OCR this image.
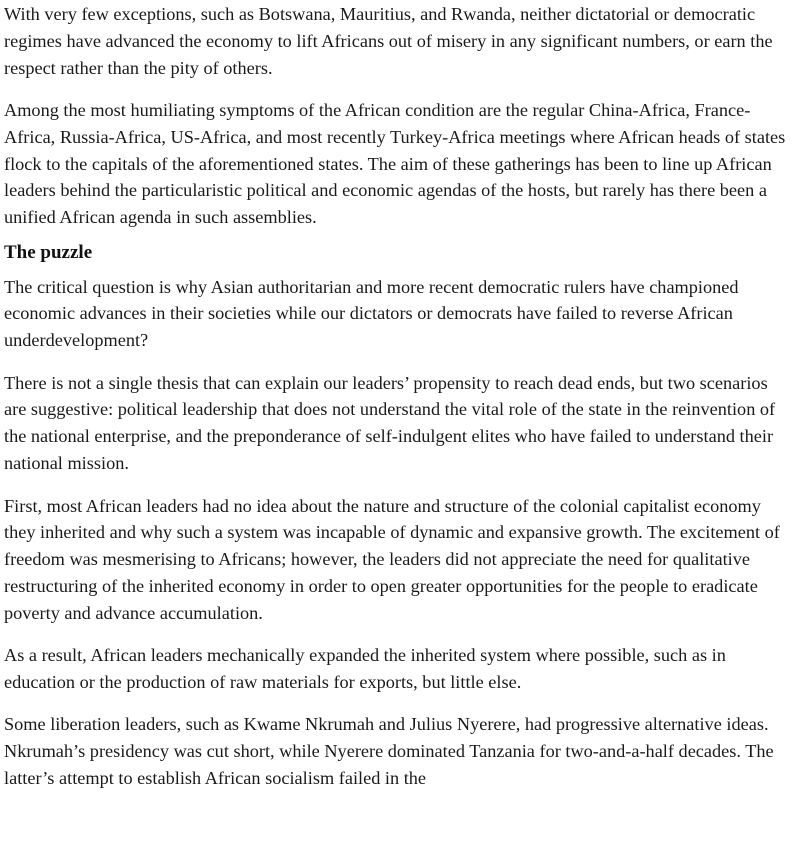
With very few exceptions, such as Botswana, Mauritius, and Rwanda, neither dictatorial or democratic regimes have advanced the economy to lift Africans out of misery in any significant numbers, or earn the respect rather than the pity of others.

Among the most humiliating symptoms of the African condition are the regular China-Africa, France-Africa, Russia-Africa, US-Africa, and most recently Turkey-Africa meetings where African heads of states flock to the capitals of the aforementioned states. The aim of these gatherings has been to line up African leaders behind the particularistic political and economic agendas of the hosts, but rarely has there been a unified African agenda in such assemblies.

The puzzle

The critical question is why Asian authoritarian and more recent democratic rulers have championed economic advances in their societies while our dictators or democrats have failed to reverse African underdevelopment?

There is not a single thesis that can explain our leaders’ propensity to reach dead ends, but two scenarios are suggestive: political leadership that does not understand the vital role of the state in the reinvention of the national enterprise, and the preponderance of self-indulgent elites who have failed to understand their national mission.

First, most African leaders had no idea about the nature and structure of the colonial capitalist economy they inherited and why such a system was incapable of dynamic and expansive growth. The excitement of freedom was mesmerising to Africans; however, the leaders did not appreciate the need for qualitative restructuring of the inherited economy in order to open greater opportunities for the people to eradicate poverty and advance accumulation.

As a result, African leaders mechanically expanded the inherited system where possible, such as in education or the production of raw materials for exports, but little else.

Some liberation leaders, such as Kwame Nkrumah and Julius Nyerere, had progressive alternative ideas. Nkrumah’s presidency was cut short, while Nyerere dominated Tanzania for two-and-a-half decades. The latter’s attempt to establish African socialism failed in the
